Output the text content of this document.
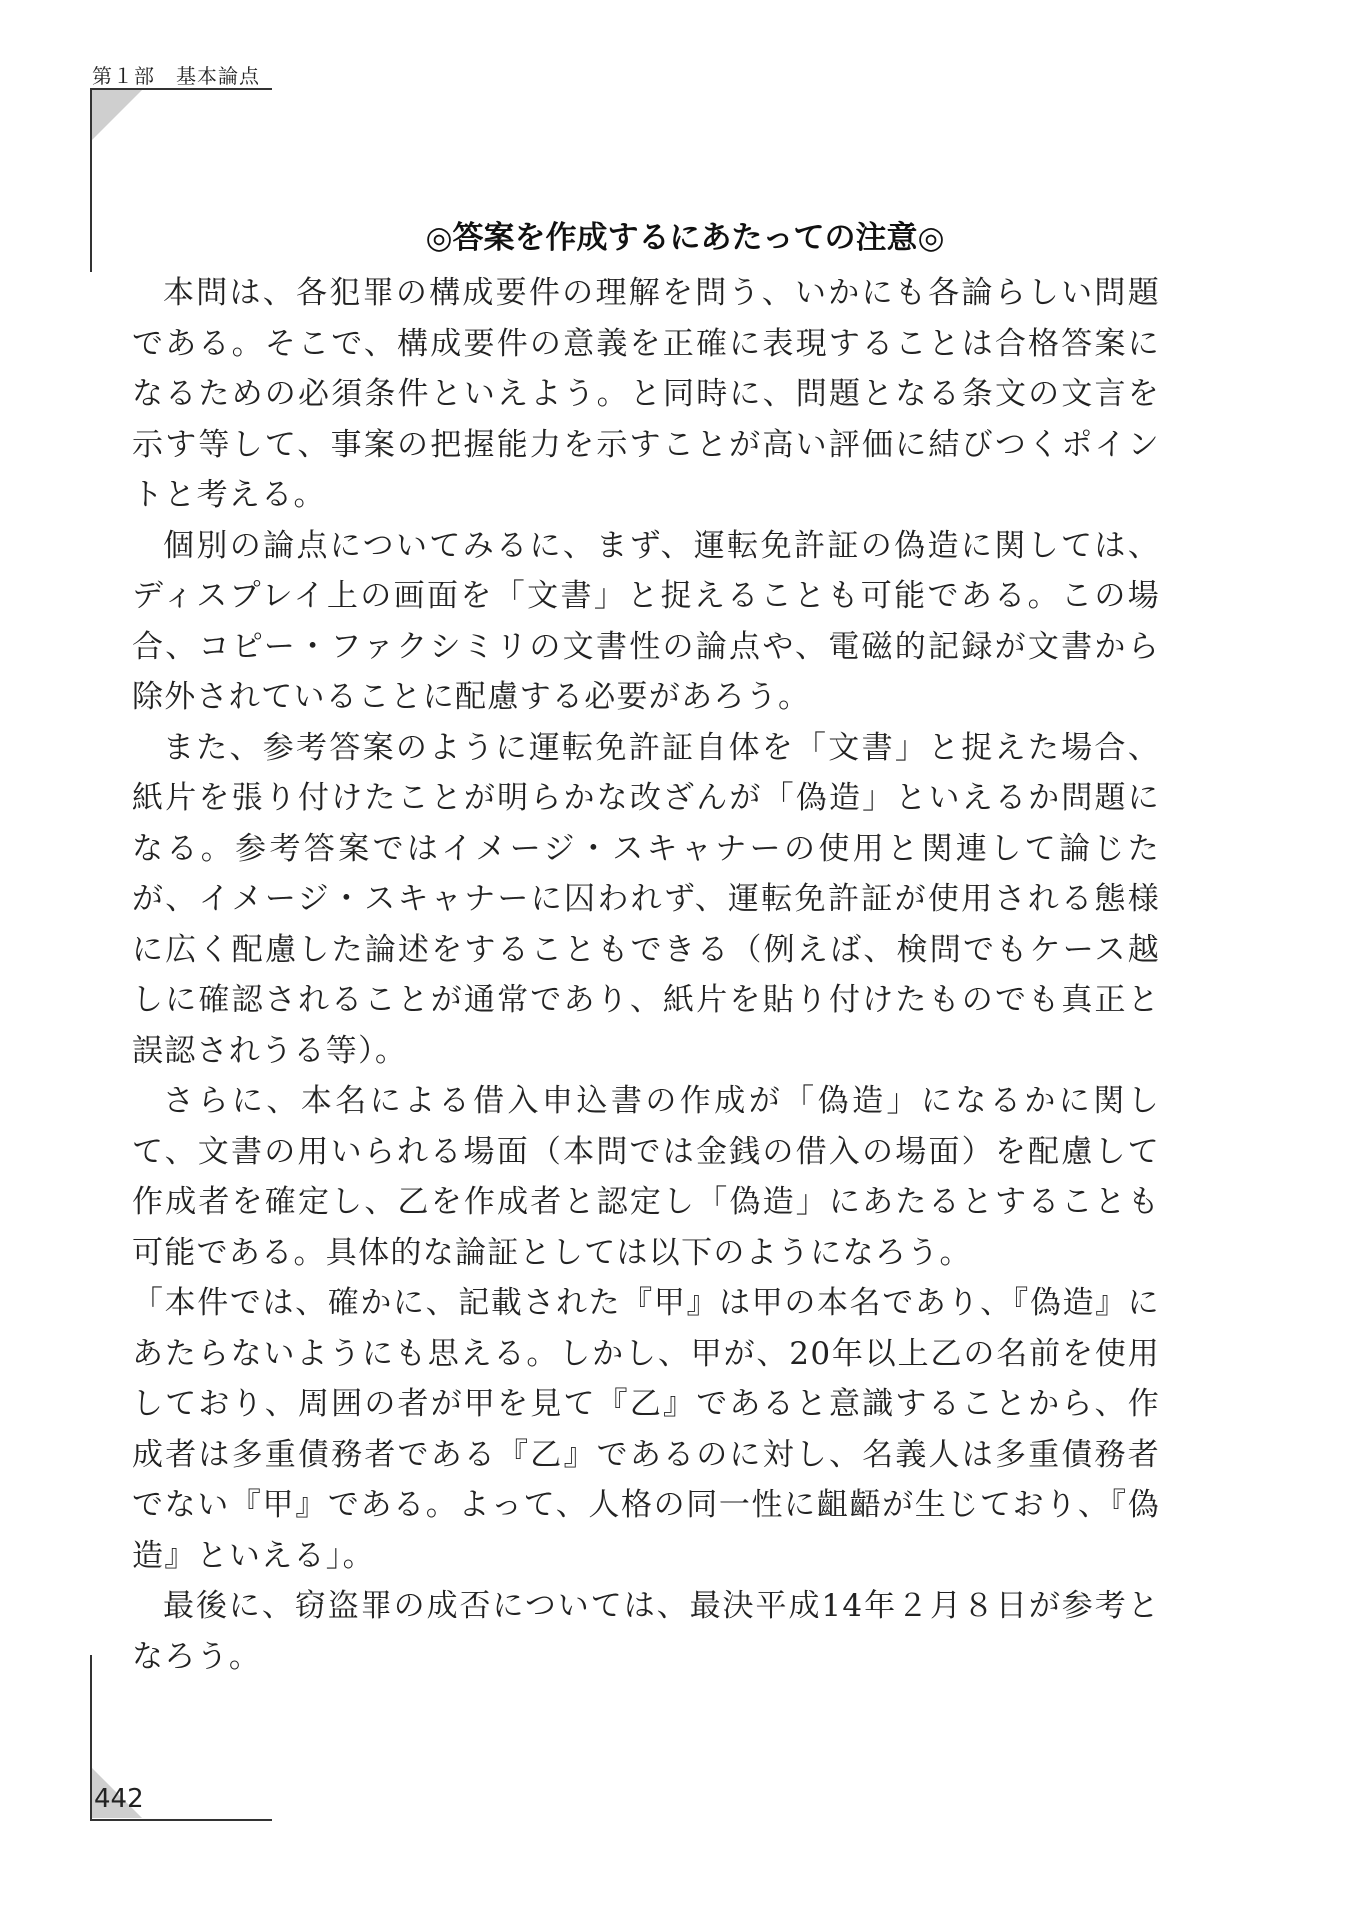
第１部　基本論点
◎答案を作成するにあたっての注意◎

本問は、各犯罪の構成要件の理解を問う、いかにも各論らしい問題である。そこで、構成要件の意義を正確に表現することは合格答案になるための必須条件といえよう。と同時に、問題となる条文の文言を示す等して、事案の把握能力を示すことが高い評価に結びつくポイントと考える。

個別の論点についてみるに、まず、運転免許証の偽造に関しては、ディスプレイ上の画面を「文書」と捉えることも可能である。この場合、コピー・ファクシミリの文書性の論点や、電磁的記録が文書から除外されていることに配慮する必要があろう。

また、参考答案のように運転免許証自体を「文書」と捉えた場合、紙片を張り付けたことが明らかな改ざんが「偽造」といえるか問題になる。参考答案ではイメージ・スキャナーの使用と関連して論じたが、イメージ・スキャナーに囚われず、運転免許証が使用される態様に広く配慮した論述をすることもできる（例えば、検問でもケース越しに確認されることが通常であり、紙片を貼り付けたものでも真正と誤認されうる等）。

さらに、本名による借入申込書の作成が「偽造」になるかに関して、文書の用いられる場面（本問では金銭の借入の場面）を配慮して作成者を確定し、乙を作成者と認定し「偽造」にあたるとすることも可能である。具体的な論証としては以下のようになろう。

「本件では、確かに、記載された『甲』は甲の本名であり、『偽造』にあたらないようにも思える。しかし、甲が、20年以上乙の名前を使用しており、周囲の者が甲を見て『乙』であると意識することから、作成者は多重債務者である『乙』であるのに対し、名義人は多重債務者でない『甲』である。よって、人格の同一性に齟齬が生じており、『偽造』といえる」。

最後に、窃盗罪の成否については、最決平成14年２月８日が参考となろう。

442
